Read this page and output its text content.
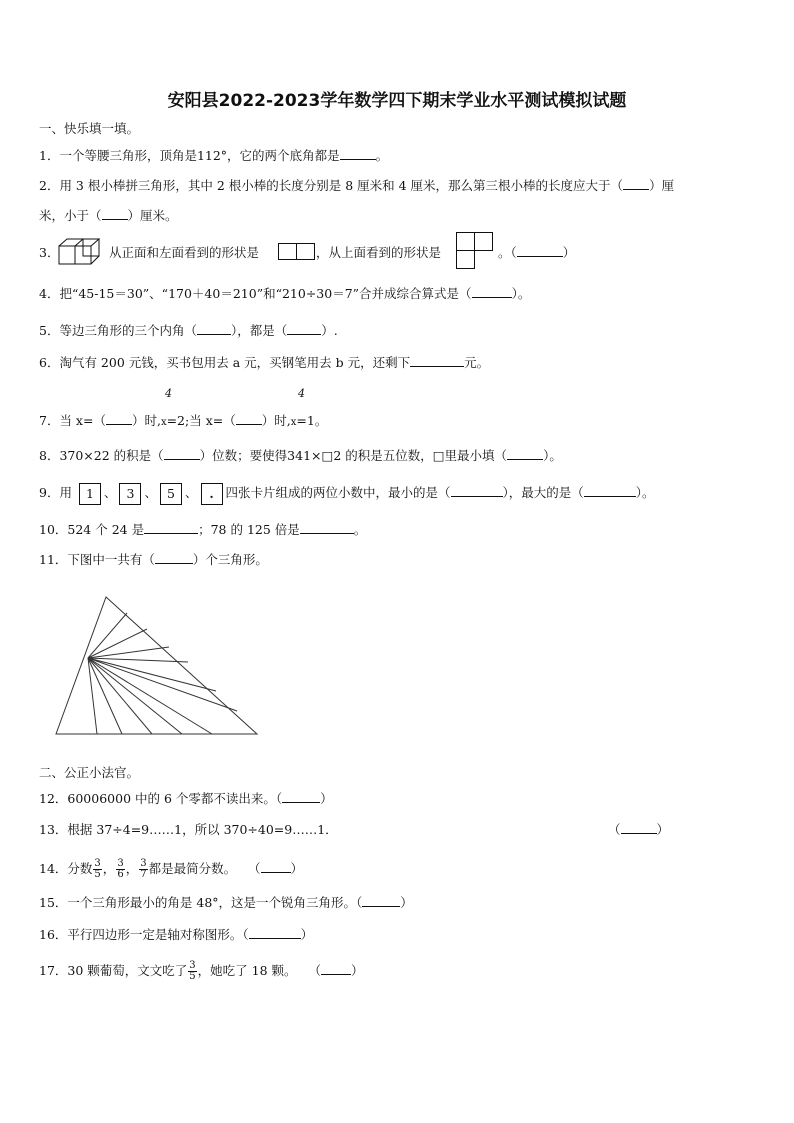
安阳县2022-2023学年数学四下期末学业水平测试模拟试题
一、快乐填一填。
1．一个等腰三角形，顶角是112°，它的两个底角都是	。
2．用 3 根小棒拼三角形，其中 2 根小棒的长度分别是 8 厘米和 4 厘米，那么第三根小棒的长度应大于（ ）厘
米，小于（ ）厘米。
3．	从正面和左面看到的形状是	，从上面看到的形状是	。（	）
4．把“45-15＝30”、“170＋40＝210”和“210÷30＝7”合并成综合算式是（	）。
5．等边三角形的三个内角（	），都是（	）.
6．淘气有 200 元钱，买书包用去 a 元，买钢笔用去 b 元，还剩下	元。
4	4
7．当 x=（ ）时,x=2;当 x=（ ）时,x=1。
8．370×22 的积是（	）位数；要使得341×□2 的积是五位数，□里最小填（	）。
9．用 1 、 3 、 5 、 . 四张卡片组成的两位小数中，最小的是（	），最大的是（	）。
10．524 个 24 是	；78 的 125 倍是	。
11．下图中一共有（	）个三角形。
二、公正小法官。
12．60006000 中的 6 个零都不读出来。（	）
13．根据 37÷4=9……1，所以 370÷40=9……1．	（	）
14．分数 $\frac{3}{5}$ ， $\frac{3}{6}$ ， $\frac{3}{7}$ 都是最简分数。 （ ）
15．一个三角形最小的角是 48°，这是一个锐角三角形。（	）
16．平行四边形一定是轴对称图形。（	）
17．30 颗葡萄，文文吃了 $\frac{3}{5}$ ，她吃了 18 颗。 （ ）
